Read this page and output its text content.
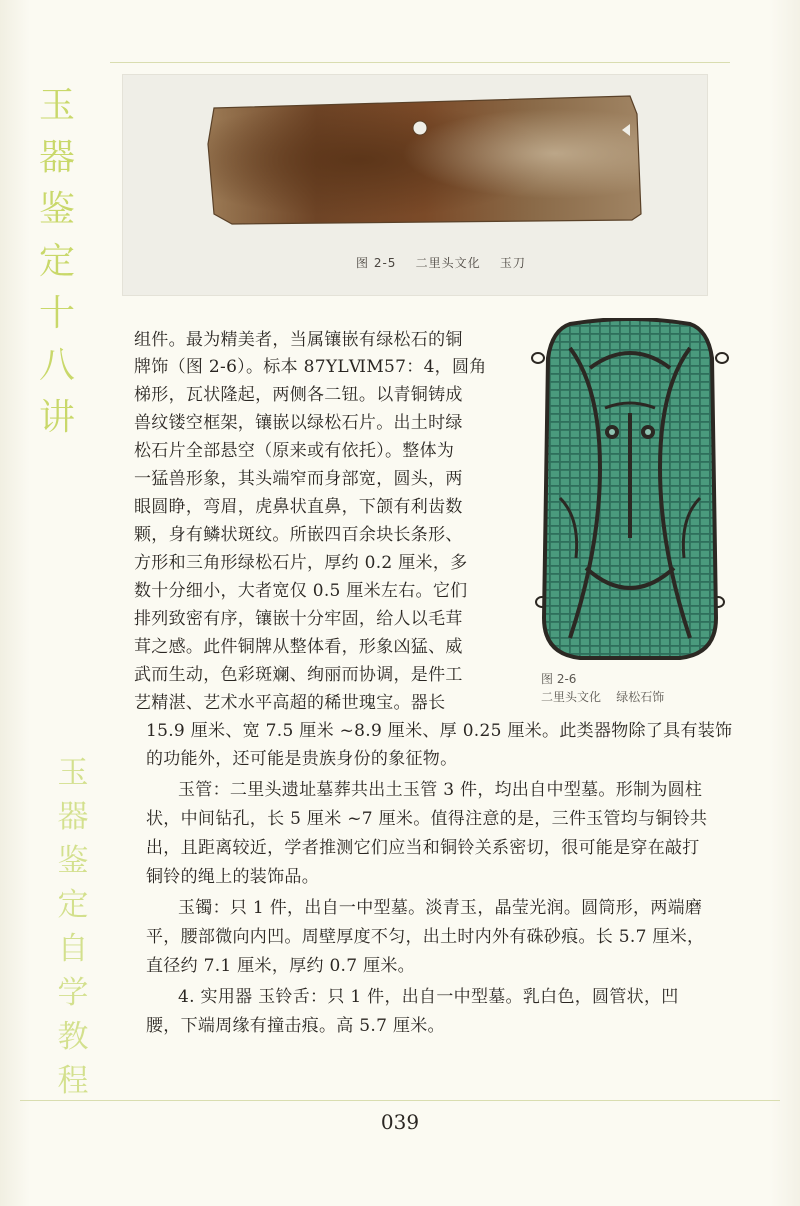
玉
器
鉴
定
十
八
讲
玉
器
鉴
定
自
学
教
程
图 2-5    二里头文化    玉刀
图 2-6
二里头文化    绿松石饰
组件。最为精美者，当属镶嵌有绿松石的铜
牌饰（图 2-6）。标本 87YLⅥM57：4，圆角
梯形，瓦状隆起，两侧各二钮。以青铜铸成
兽纹镂空框架，镶嵌以绿松石片。出土时绿
松石片全部悬空（原来或有依托）。整体为
一猛兽形象，其头端窄而身部宽，圆头，两
眼圆睁，弯眉，虎鼻状直鼻，下颌有利齿数
颗，身有鳞状斑纹。所嵌四百余块长条形、
方形和三角形绿松石片，厚约 0.2 厘米，多
数十分细小，大者宽仅 0.5 厘米左右。它们
排列致密有序，镶嵌十分牢固，给人以毛茸
茸之感。此件铜牌从整体看，形象凶猛、威
武而生动，色彩斑斓、绚丽而协调，是件工
艺精湛、艺术水平高超的稀世瑰宝。器长
15.9 厘米、宽 7.5 厘米 ~8.9 厘米、厚 0.25 厘米。此类器物除了具有装饰
的功能外，还可能是贵族身份的象征物。
玉管：二里头遗址墓葬共出土玉管 3 件，均出自中型墓。形制为圆柱
状，中间钻孔，长 5 厘米 ~7 厘米。值得注意的是，三件玉管均与铜铃共
出，且距离较近，学者推测它们应当和铜铃关系密切，很可能是穿在敲打
铜铃的绳上的装饰品。
玉镯：只 1 件，出自一中型墓。淡青玉，晶莹光润。圆筒形，两端磨
平，腰部微向内凹。周壁厚度不匀，出土时内外有硃砂痕。长 5.7 厘米，
直径约 7.1 厘米，厚约 0.7 厘米。
4. 实用器 玉铃舌：只 1 件，出自一中型墓。乳白色，圆管状，凹
腰，下端周缘有撞击痕。高 5.7 厘米。
039
